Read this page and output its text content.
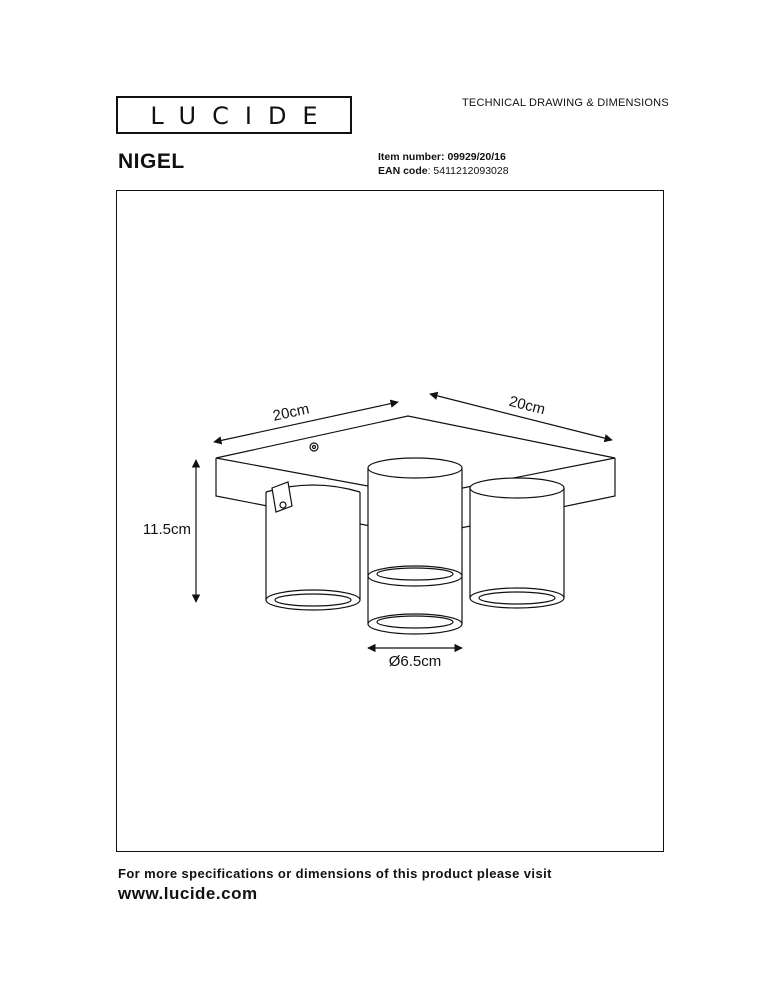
LUCIDE	TECHNICAL DRAWING & DIMENSIONS
NIGEL	Item number: 09929/20/16
EAN code: 5411212093028
20cm	20cm
11.5cm
Ø6.5cm
For more specifications or dimensions of this product please visit
www.lucide.com
